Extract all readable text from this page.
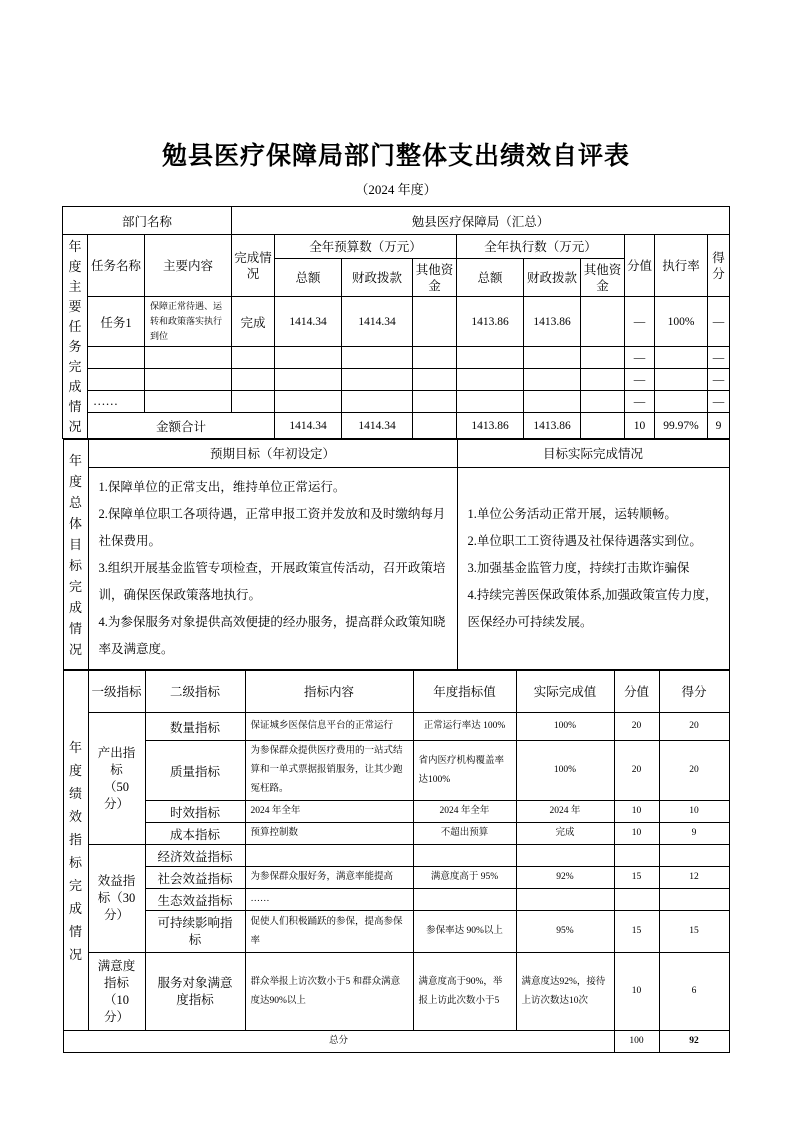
勉县医疗保障局部门整体支出绩效自评表
（2024 年度）
部门名称			勉县医疗保障局（汇总）									
年度主要任务完成情况	任务名称	主要内容	完成情况	全年预算数（万元）			全年执行数（万元）			分值	执行率	得分
				总额	财政拨款	其他资金	总额	财政拨款	其他资金			
	任务1	保障正常待遇、运转和政策落实执行到位	完成	1414.34	1414.34		1413.86	1413.86		—	100%	—
										—		—
										—		—
	……									—		—
	金额合计			1414.34	1414.34		1413.86	1413.86		10	99.97%	9
年度总体目标完成情况	预期目标（年初设定）	目标实际完成情况

1.保障单位的正常支出，维持单位正常运行。
2.保障单位职工各项待遇，正常申报工资并发放和及时缴纳每月社保费用。
3.组织开展基金监管专项检查，开展政策宣传活动，召开政策培训，确保医保政策落地执行。
4.为参保服务对象提供高效便捷的经办服务，提高群众政策知晓率及满意度。

1.单位公务活动正常开展，运转顺畅。
2.单位职工工资待遇及社保待遇落实到位。
3.加强基金监管力度，持续打击欺诈骗保
4.持续完善医保政策体系,加强政策宣传力度，医保经办可持续发展。
年度绩效指标完成情况	一级指标	二级指标	指标内容	年度指标值	实际完成值	分值	得分
	产出指
标
（50
分）	数量指标	保证城乡医保信息平台的正常运行	正常运行率达 100%	100%	20	20
		质量指标	为参保群众提供医疗费用的一站式结算和一单式票据报销服务，让其少跑冤枉路。	省内医疗机构覆盖率达100%	100%	20	20
		时效指标	2024 年全年	2024 年全年	2024 年	10	10
		成本指标	预算控制数	不超出预算	完成	10	9
	效益指
标（30
分）	经济效益指标					
		社会效益指标	为参保群众服好务，满意率能提高	满意度高于 95%	92%	15	12
		生态效益指标	……				
		可持续影响指
标	促使人们积极踊跃的参保，提高参保率	参保率达 90%以上	95%	15	15
	满意度
指标
（10
分）	服务对象满意
度指标	群众举报上访次数小于5 和群众满意度达90%以上	满意度高于90%，举报上访此次数小于5	满意度达92%，接待上访次数达10次	10	6
总分						100	92
